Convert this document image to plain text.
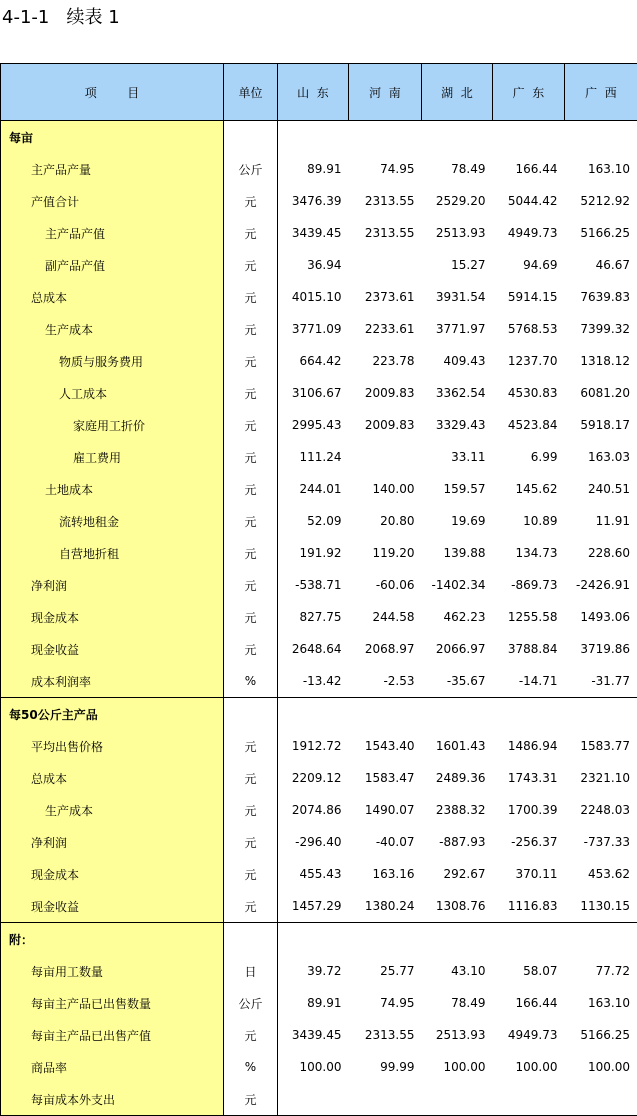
4-1-1   续表 1
项        目	单位	山  东	河  南	湖  北	广  东	广  西
每亩						
主产品产量	公斤	89.91	74.95	78.49	166.44	163.10
产值合计	元	3476.39	2313.55	2529.20	5044.42	5212.92
主产品产值	元	3439.45	2313.55	2513.93	4949.73	5166.25
副产品产值	元	36.94		15.27	94.69	46.67
总成本	元	4015.10	2373.61	3931.54	5914.15	7639.83
生产成本	元	3771.09	2233.61	3771.97	5768.53	7399.32
物质与服务费用	元	664.42	223.78	409.43	1237.70	1318.12
人工成本	元	3106.67	2009.83	3362.54	4530.83	6081.20
家庭用工折价	元	2995.43	2009.83	3329.43	4523.84	5918.17
雇工费用	元	111.24		33.11	6.99	163.03
土地成本	元	244.01	140.00	159.57	145.62	240.51
流转地租金	元	52.09	20.80	19.69	10.89	11.91
自营地折租	元	191.92	119.20	139.88	134.73	228.60
净利润	元	-538.71	-60.06	-1402.34	-869.73	-2426.91
现金成本	元	827.75	244.58	462.23	1255.58	1493.06
现金收益	元	2648.64	2068.97	2066.97	3788.84	3719.86
成本利润率	%	-13.42	-2.53	-35.67	-14.71	-31.77
每50公斤主产品						
平均出售价格	元	1912.72	1543.40	1601.43	1486.94	1583.77
总成本	元	2209.12	1583.47	2489.36	1743.31	2321.10
生产成本	元	2074.86	1490.07	2388.32	1700.39	2248.03
净利润	元	-296.40	-40.07	-887.93	-256.37	-737.33
现金成本	元	455.43	163.16	292.67	370.11	453.62
现金收益	元	1457.29	1380.24	1308.76	1116.83	1130.15
附：						
每亩用工数量	日	39.72	25.77	43.10	58.07	77.72
每亩主产品已出售数量	公斤	89.91	74.95	78.49	166.44	163.10
每亩主产品已出售产值	元	3439.45	2313.55	2513.93	4949.73	5166.25
商品率	%	100.00	99.99	100.00	100.00	100.00
每亩成本外支出	元					
